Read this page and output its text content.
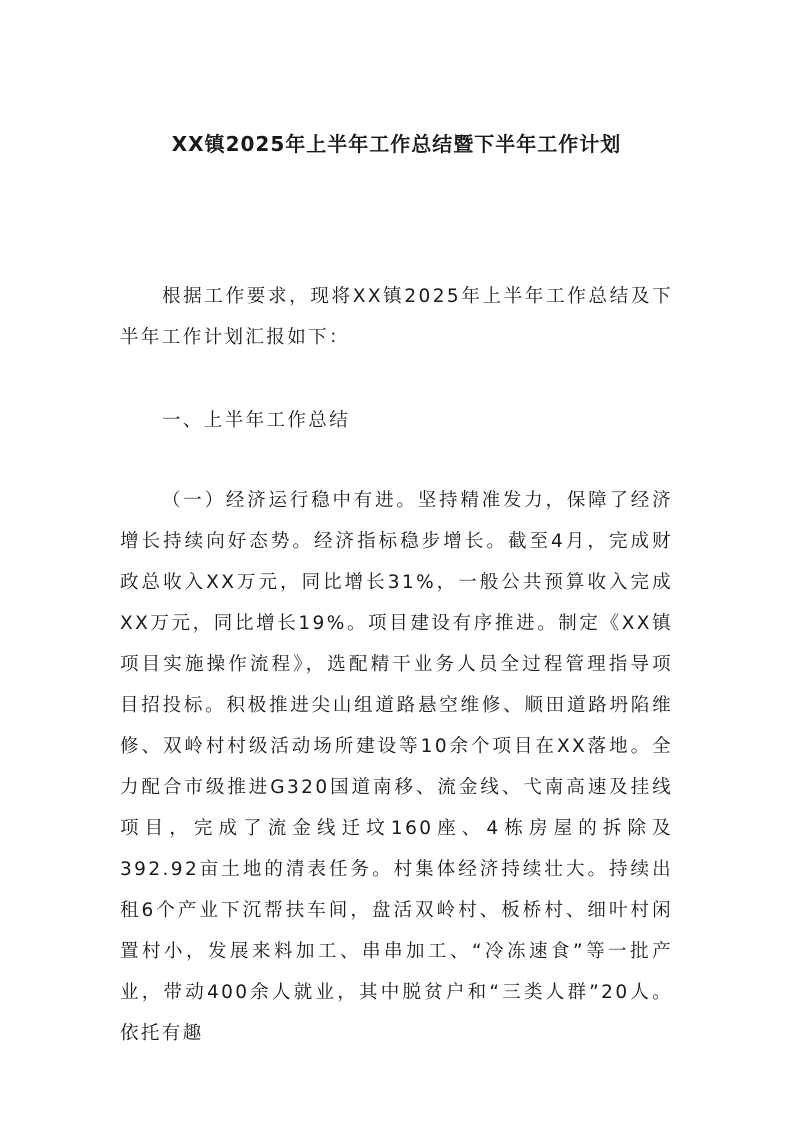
XX镇2025年上半年工作总结暨下半年工作计划

根据工作要求，现将XX镇2025年上半年工作总结及下半年工作计划汇报如下：

一、上半年工作总结

（一）经济运行稳中有进。坚持精准发力，保障了经济增长持续向好态势。经济指标稳步增长。截至4月，完成财政总收入XX万元，同比增长31%，一般公共预算收入完成XX万元，同比增长19%。项目建设有序推进。制定《XX镇项目实施操作流程》，选配精干业务人员全过程管理指导项目招投标。积极推进尖山组道路悬空维修、顺田道路坍陷维修、双岭村村级活动场所建设等10余个项目在XX落地。全力配合市级推进G320国道南移、流金线、弋南高速及挂线项目，完成了流金线迁坟160座、4栋房屋的拆除及392.92亩土地的清表任务。村集体经济持续壮大。持续出租6个产业下沉帮扶车间，盘活双岭村、板桥村、细叶村闲置村小，发展来料加工、串串加工、“冷冻速食”等一批产业，带动400余人就业，其中脱贫户和“三类人群”20人。依托有趣
